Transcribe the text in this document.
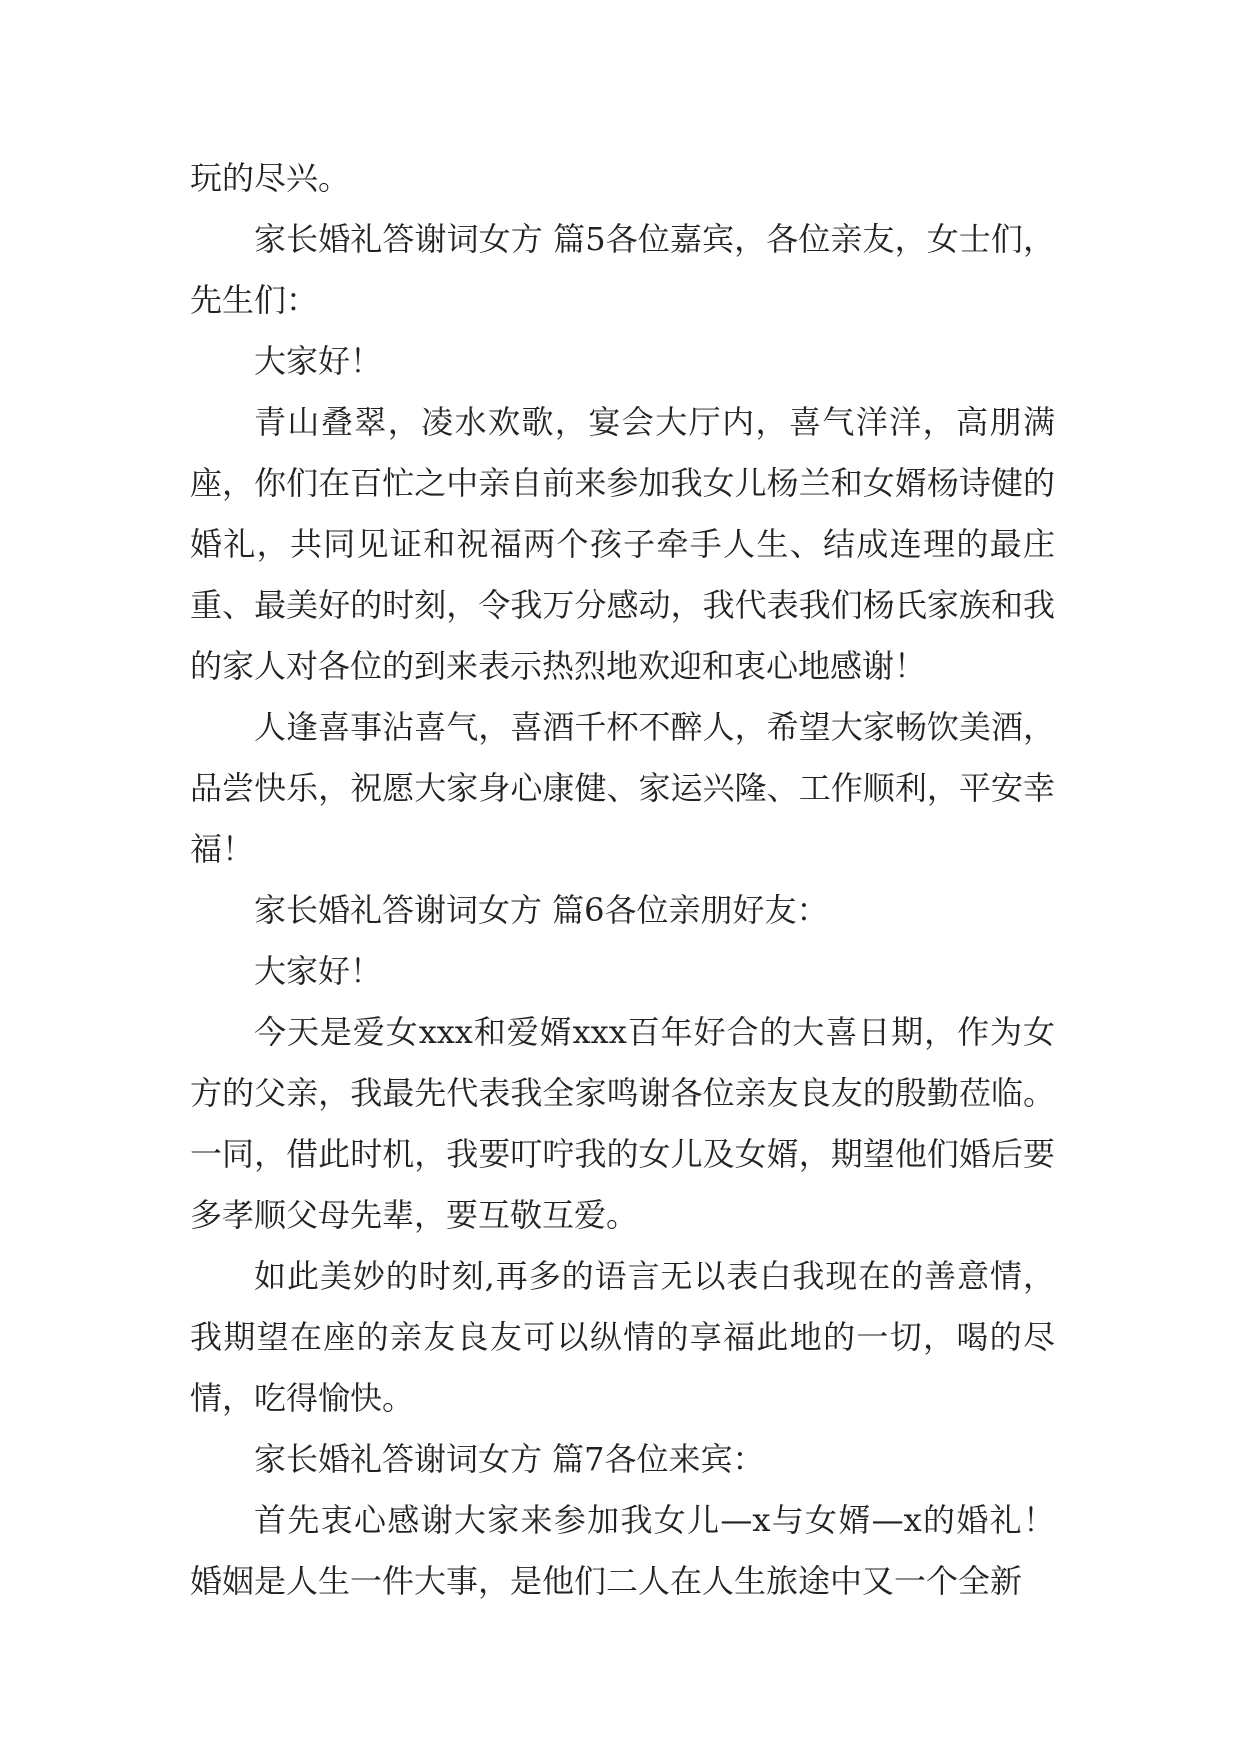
玩的尽兴。

家长婚礼答谢词女方 篇5各位嘉宾，各位亲友，女士们，先生们：

大家好！

青山叠翠，凌水欢歌，宴会大厅内，喜气洋洋，高朋满座，你们在百忙之中亲自前来参加我女儿杨兰和女婿杨诗健的婚礼，共同见证和祝福两个孩子牵手人生、结成连理的最庄重、最美好的时刻，令我万分感动，我代表我们杨氏家族和我的家人对各位的到来表示热烈地欢迎和衷心地感谢！

人逢喜事沾喜气，喜酒千杯不醉人，希望大家畅饮美酒，品尝快乐，祝愿大家身心康健、家运兴隆、工作顺利，平安幸福！

家长婚礼答谢词女方 篇6各位亲朋好友：

大家好！

今天是爱女xxx和爱婿xxx百年好合的大喜日期，作为女方的父亲，我最先代表我全家鸣谢各位亲友良友的殷勤莅临。一同，借此时机，我要叮咛我的女儿及女婿，期望他们婚后要多孝顺父母先辈，要互敬互爱。

如此美妙的时刻,再多的语言无以表白我现在的善意情，我期望在座的亲友良友可以纵情的享福此地的一切，喝的尽情，吃得愉快。

家长婚礼答谢词女方 篇7各位来宾：

首先衷心感谢大家来参加我女儿—x与女婿—x的婚礼！婚姻是人生一件大事，是他们二人在人生旅途中又一个全新
